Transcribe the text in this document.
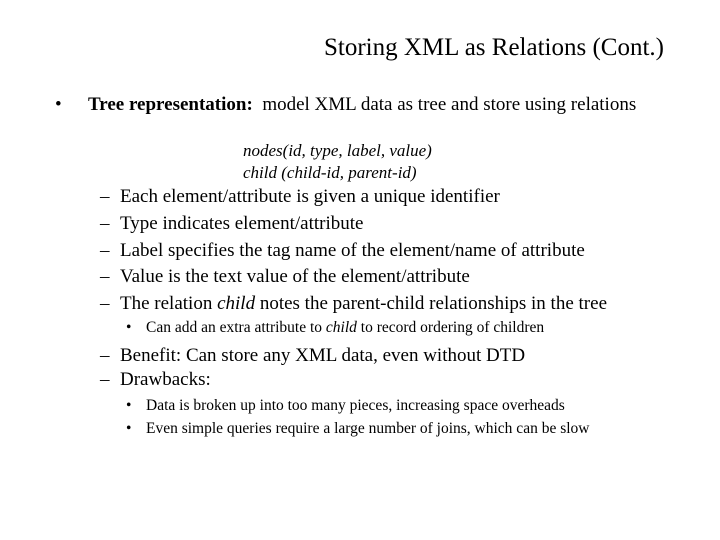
Storing XML as Relations (Cont.)
• Tree representation: model XML data as tree and store using relations
nodes(id, type, label, value)
child (child-id, parent-id)
– Each element/attribute is given a unique identifier
– Type indicates element/attribute
– Label specifies the tag name of the element/name of attribute
– Value is the text value of the element/attribute
– The relation child notes the parent-child relationships in the tree
• Can add an extra attribute to child to record ordering of children
– Benefit: Can store any XML data, even without DTD
– Drawbacks:
• Data is broken up into too many pieces, increasing space overheads
• Even simple queries require a large number of joins, which can be slow
